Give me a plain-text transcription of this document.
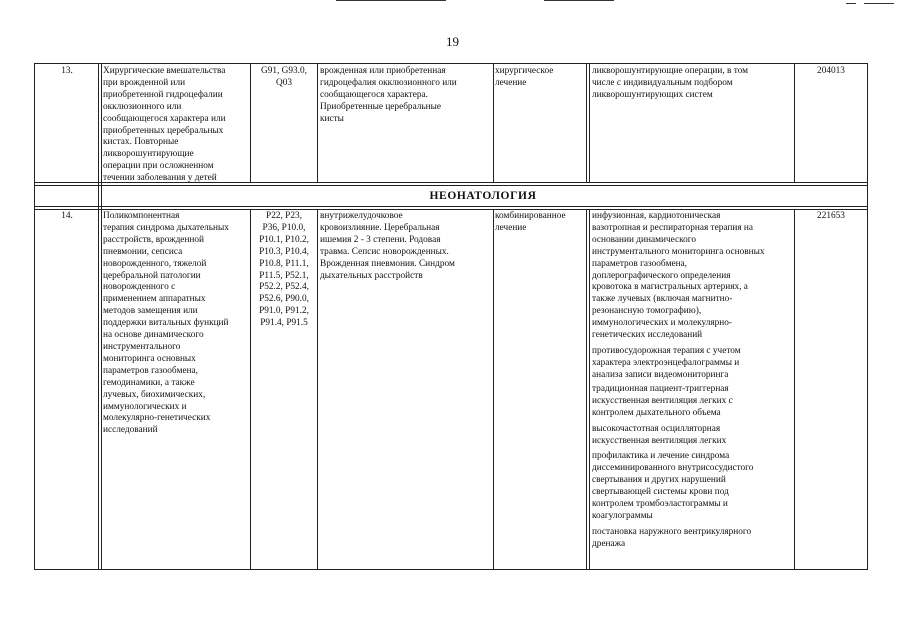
19
13.	Хирургические вмешательства
при врожденной или
приобретенной гидроцефалии
окклюзионного или
сообщающегося характера или
приобретенных церебральных
кистах. Повторные
ликворошунтирующие
операции при осложненном
течении заболевания у детей
G91, G93.0,
Q03
врожденная или приобретенная
гидроцефалия окклюзионного или
сообщающегося характера.
Приобретенные церебральные
кисты
хирургическое
лечение

ликворошунтирующие операции, в том
числе с индивидуальным подбором
ликворошунтирующих систем

204013
НЕОНАТОЛОГИЯ
14.	Поликомпонентная
терапия синдрома дыхательных
расстройств, врожденной
пневмонии, сепсиса
новорожденного, тяжелой
церебральной патологии
новорожденного с
применением аппаратных
методов замещения или
поддержки витальных функций
на основе динамического
инструментального
мониторинга основных
параметров газообмена,
гемодинамики, а также
лучевых, биохимических,
иммунологических и
молекулярно-генетических
исследований
P22, P23,
P36, P10.0,
P10.1, P10.2,
P10.3, P10.4,
P10.8, P11.1,
P11.5, P52.1,
P52.2, P52.4,
P52.6, P90.0,
P91.0, P91.2,
P91.4, P91.5
внутрижелудочковое
кровоизлияние. Церебральная
ишемия 2 - 3 степени. Родовая
травма. Сепсис новорожденных.
Врожденная пневмония. Синдром
дыхательных расстройств
комбинированное
лечение

инфузионная, кардиотоническая
вазотропная и респираторная терапия на
основании динамического
инструментального мониторинга основных
параметров газообмена,
доплерографического определения
кровотока в магистральных артериях, а
также лучевых (включая магнитно-
резонансную томографию),
иммунологических и молекулярно-
генетических исследований

противосудорожная терапия с учетом
характера электроэнцефалограммы и
анализа записи видеомониторинга

традиционная пациент-триггерная
искусственная вентиляция легких с
контролем дыхательного объема

высокочастотная осцилляторная
искусственная вентиляция легких

профилактика и лечение синдрома
диссеминированного внутрисосудистого
свертывания и других нарушений
свертывающей системы крови под
контролем тромбоэластограммы и
коагулограммы

постановка наружного вентрикулярного
дренажа

221653
